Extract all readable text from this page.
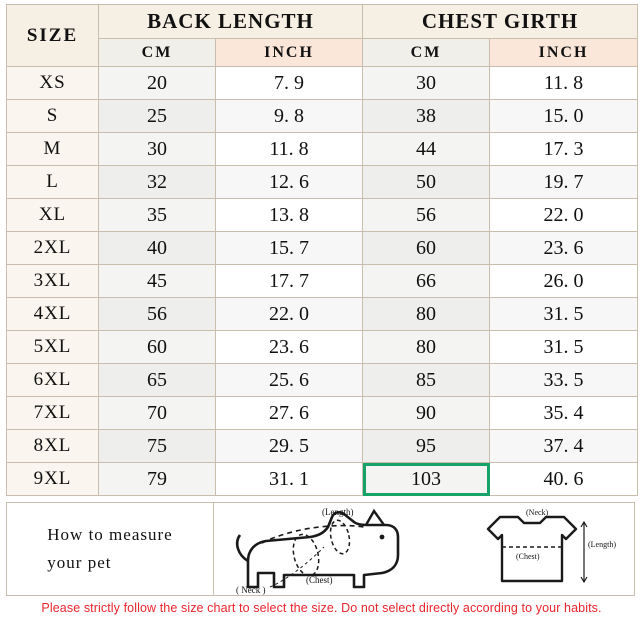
SIZE	BACK LENGTH		CHEST GIRTH	
	CM	INCH	CM	INCH
XS	20	7. 9	30	11. 8
S	25	9. 8	38	15. 0
M	30	11. 8	44	17. 3
L	32	12. 6	50	19. 7
XL	35	13. 8	56	22. 0
2XL	40	15. 7	60	23. 6
3XL	45	17. 7	66	26. 0
4XL	56	22. 0	80	31. 5
5XL	60	23. 6	80	31. 5
6XL	65	25. 6	85	33. 5
7XL	70	27. 6	90	35. 4
8XL	75	29. 5	95	37. 4
9XL	79	31. 1	103	40. 6
How to measure
your pet
(Length)
( Neck )
(Chest)
(Neck)
(Chest)
(Length)
Please strictly follow the size chart to select the size. Do not select directly according to your habits.
